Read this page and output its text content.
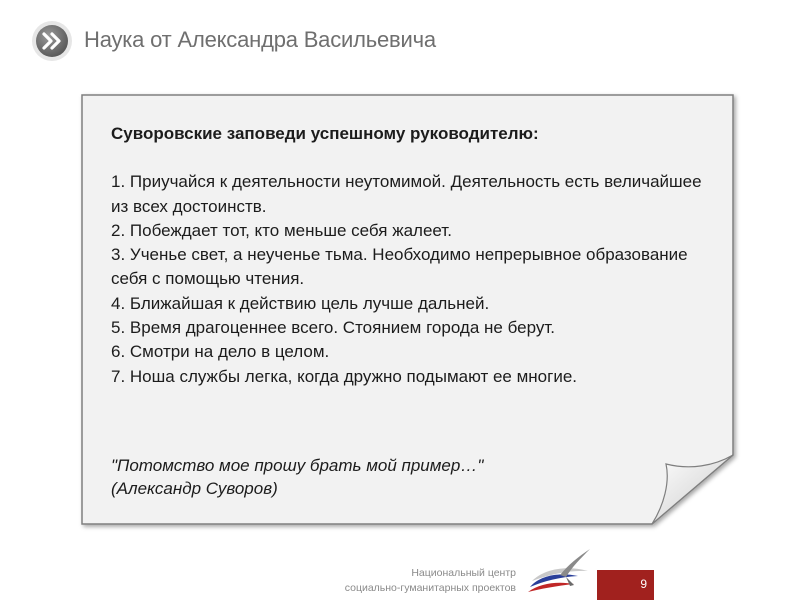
Наука от Александра Васильевича
Суворовские заповеди успешному руководителю:
1. Приучайся к деятельности неутомимой. Деятельность есть величайшее из всех достоинств.
2. Побеждает тот, кто меньше себя жалеет.
3. Ученье свет, а неученье тьма. Необходимо непрерывное образование себя с помощью чтения.
4. Ближайшая к действию цель лучше дальней.
5. Время драгоценнее всего. Стоянием города не берут.
6. Смотри на дело в целом.
7. Ноша службы легка, когда дружно подымают ее многие.
"Потомство мое прошу брать мой пример…"
(Александр Суворов)
Национальный центр
социально-гуманитарных проектов	9
